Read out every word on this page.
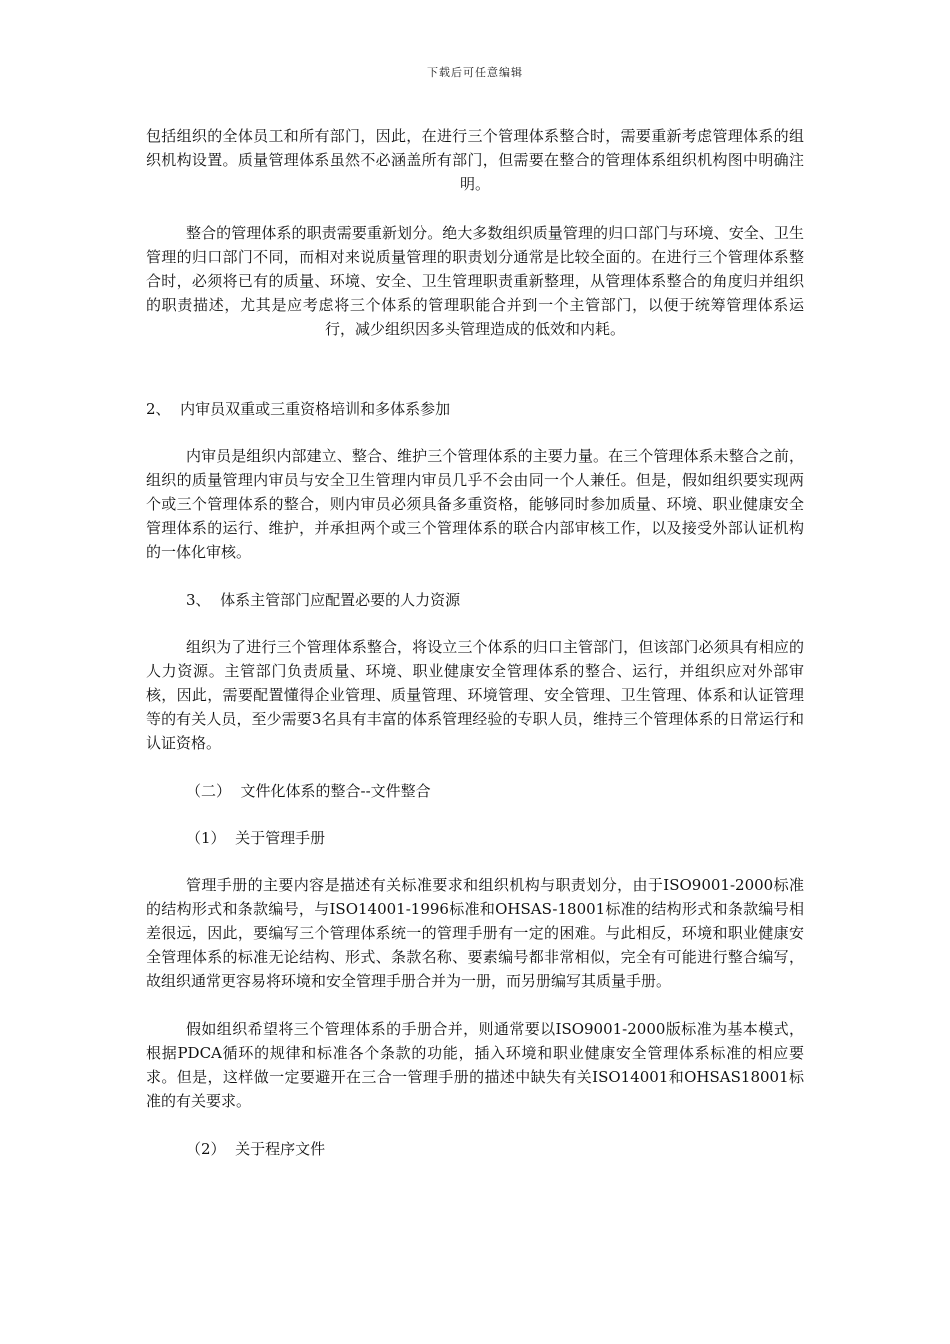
下载后可任意编辑

包括组织的全体员工和所有部门，因此，在进行三个管理体系整合时，需要重新考虑管理体系的组织机构设置。质量管理体系虽然不必涵盖所有部门，但需要在整合的管理体系组织机构图中明确注明。

整合的管理体系的职责需要重新划分。绝大多数组织质量管理的归口部门与环境、安全、卫生管理的归口部门不同，而相对来说质量管理的职责划分通常是比较全面的。在进行三个管理体系整合时，必须将已有的质量、环境、安全、卫生管理职责重新整理，从管理体系整合的角度归并组织的职责描述，尤其是应考虑将三个体系的管理职能合并到一个主管部门，以便于统筹管理体系运行，减少组织因多头管理造成的低效和内耗。

2、  内审员双重或三重资格培训和多体系参加

内审员是组织内部建立、整合、维护三个管理体系的主要力量。在三个管理体系未整合之前，组织的质量管理内审员与安全卫生管理内审员几乎不会由同一个人兼任。但是，假如组织要实现两个或三个管理体系的整合，则内审员必须具备多重资格，能够同时参加质量、环境、职业健康安全管理体系的运行、维护，并承担两个或三个管理体系的联合内部审核工作，以及接受外部认证机构的一体化审核。

3、  体系主管部门应配置必要的人力资源

组织为了进行三个管理体系整合，将设立三个体系的归口主管部门，但该部门必须具有相应的人力资源。主管部门负责质量、环境、职业健康安全管理体系的整合、运行，并组织应对外部审核，因此，需要配置懂得企业管理、质量管理、环境管理、安全管理、卫生管理、体系和认证管理等的有关人员，至少需要3名具有丰富的体系管理经验的专职人员，维持三个管理体系的日常运行和认证资格。

（二）  文件化体系的整合--文件整合

（1）  关于管理手册

管理手册的主要内容是描述有关标准要求和组织机构与职责划分，由于ISO9001-2000标准的结构形式和条款编号，与ISO14001-1996标准和OHSAS-18001标准的结构形式和条款编号相差很远，因此，要编写三个管理体系统一的管理手册有一定的困难。与此相反，环境和职业健康安全管理体系的标准无论结构、形式、条款名称、要素编号都非常相似，完全有可能进行整合编写，故组织通常更容易将环境和安全管理手册合并为一册，而另册编写其质量手册。

假如组织希望将三个管理体系的手册合并，则通常要以ISO9001-2000版标准为基本模式，根据PDCA循环的规律和标准各个条款的功能，插入环境和职业健康安全管理体系标准的相应要求。但是，这样做一定要避开在三合一管理手册的描述中缺失有关ISO14001和OHSAS18001标准的有关要求。

（2）  关于程序文件
